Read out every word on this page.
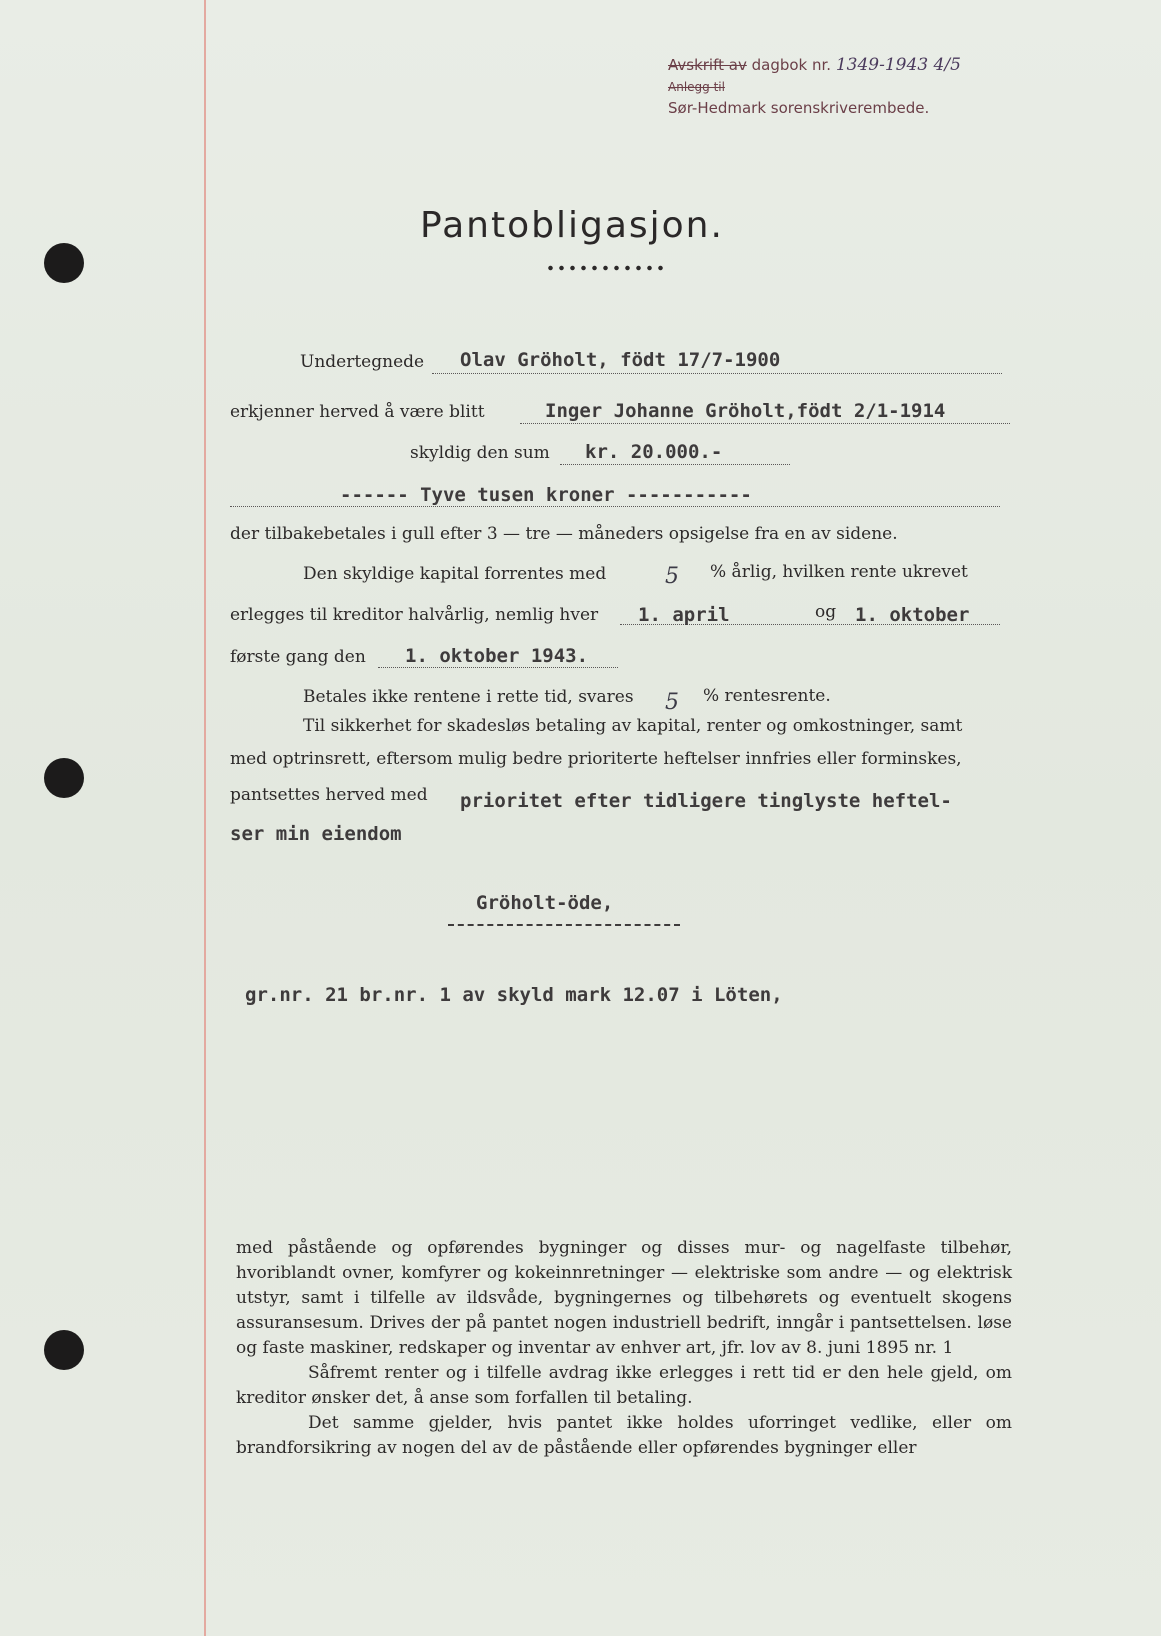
Avskrift av dagbok nr. 1349-1943 4/5
Anlegg til
Sør-Hedmark sorenskriverembede.
Pantobligasjon.
Undertegnede Olav Gröholt, födt 17/7-1900
erkjenner herved å være blitt	Inger Johanne Gröholt,födt 2/1-1914
skyldig den sum kr. 20.000.-
------ Tyve tusen kroner -----------
der tilbakebetales i gull efter 3 — tre — måneders opsigelse fra en av sidene.
Den skyldige kapital forrentes med	5 % årlig, hvilken rente ukrevet
erlegges til kreditor halvårlig, nemlig hver 1. april	og 1. oktober
første gang den 1. oktober 1943.
Betales ikke rentene i rette tid, svares 5 % rentesrente.
Til sikkerhet for skadesløs betaling av kapital, renter og omkostninger, samt
med optrinsrett, eftersom mulig bedre prioriterte heftelser innfries eller forminskes,
pantsettes herved med prioritet efter tidligere tinglyste heftel-
ser min eiendom
Gröholt-öde,
gr.nr. 21 br.nr. 1 av skyld mark 12.07 i Löten,

med påstående og opførendes bygninger og disses mur- og nagelfaste tilbehør, hvoriblandt ovner, komfyrer og kokeinnretninger — elektriske som andre — og elektrisk utstyr, samt i tilfelle av ildsvåde, bygningernes og tilbehørets og eventuelt skogens assuransesum. Drives der på pantet nogen industriell bedrift, inngår i pantsettelsen. løse og faste maskiner, redskaper og inventar av enhver art, jfr. lov av 8. juni 1895 nr. 1

Såfremt renter og i tilfelle avdrag ikke erlegges i rett tid er den hele gjeld, om kreditor ønsker det, å anse som forfallen til betaling.

Det samme gjelder, hvis pantet ikke holdes uforringet vedlike, eller om brandforsikring av nogen del av de påstående eller opførendes bygninger eller
